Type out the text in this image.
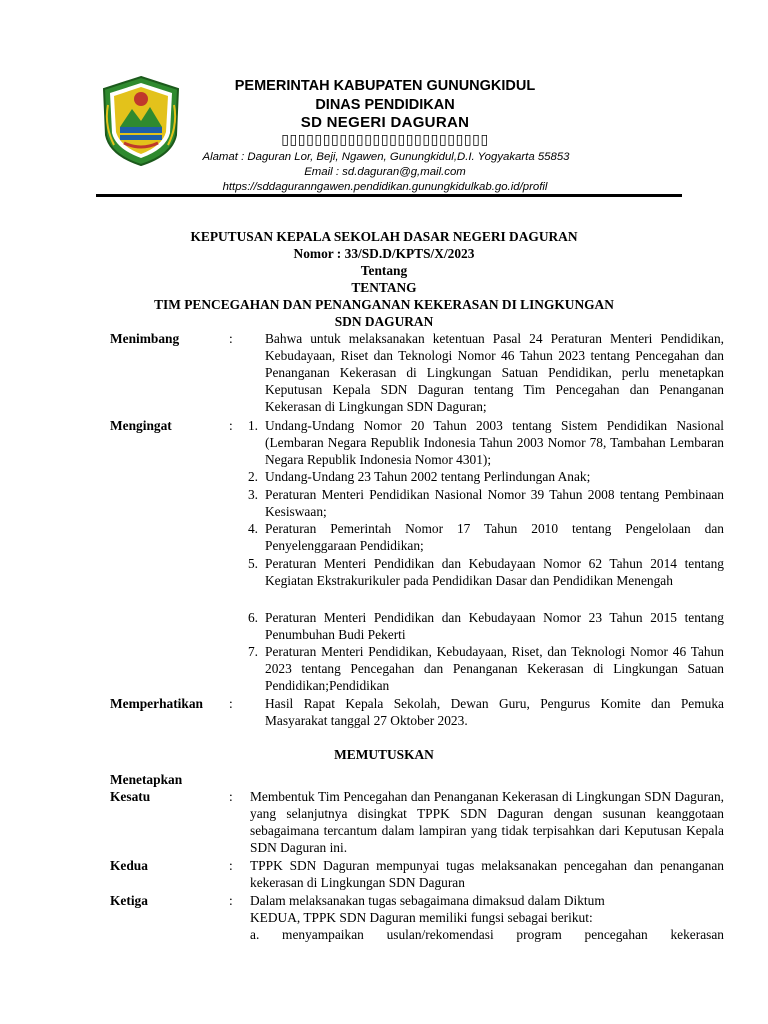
PEMERINTAH KABUPATEN GUNUNGKIDUL
DINAS PENDIDIKAN
SD NEGERI DAGURAN
▯▯▯▯▯▯▯▯▯▯▯▯▯▯▯▯▯▯▯▯▯▯▯▯▯
Alamat : Daguran Lor, Beji, Ngawen, Gunungkidul,D.I. Yogyakarta 55853
Email : sd.daguran@g,mail.com
https://sddaguranngawen.pendidikan.gunungkidulkab.go.id/profil
KEPUTUSAN KEPALA SEKOLAH DASAR NEGERI DAGURAN
Nomor : 33/SD.D/KPTS/X/2023
Tentang
TENTANG
TIM PENCEGAHAN DAN PENANGANAN KEKERASAN DI LINGKUNGAN
SDN DAGURAN
Menimbang	: Bahwa untuk melaksanakan ketentuan Pasal 24 Peraturan Menteri Pendidikan, Kebudayaan, Riset dan Teknologi Nomor 46 Tahun 2023 tentang Pencegahan dan Penanganan Kekerasan di Lingkungan Satuan Pendidikan, perlu menetapkan Keputusan Kepala SDN Daguran tentang Tim Pencegahan dan Penanganan Kekerasan di Lingkungan SDN Daguran;
Mengingat	:	1. Undang-Undang Nomor 20 Tahun 2003 tentang Sistem Pendidikan Nasional (Lembaran Negara Republik Indonesia Tahun 2003 Nomor 78, Tambahan Lembaran Negara Republik Indonesia Nomor 4301);
2. Undang-Undang 23 Tahun 2002 tentang Perlindungan Anak;
3. Peraturan Menteri Pendidikan Nasional Nomor 39 Tahun 2008 tentang Pembinaan Kesiswaan;
4. Peraturan Pemerintah Nomor 17 Tahun 2010 tentang Pengelolaan dan Penyelenggaraan Pendidikan;
5. Peraturan Menteri Pendidikan dan Kebudayaan Nomor 62 Tahun 2014 tentang Kegiatan Ekstrakurikuler pada Pendidikan Dasar dan Pendidikan Menengah
6. Peraturan Menteri Pendidikan dan Kebudayaan Nomor 23 Tahun 2015 tentang Penumbuhan Budi Pekerti
7. Peraturan Menteri Pendidikan, Kebudayaan, Riset, dan Teknologi Nomor 46 Tahun 2023 tentang Pencegahan dan Penanganan Kekerasan di Lingkungan Satuan Pendidikan;Pendidikan
Memperhatikan : Hasil Rapat Kepala Sekolah, Dewan Guru, Pengurus Komite dan Pemuka Masyarakat tanggal 27 Oktober 2023.
MEMUTUSKAN
Menetapkan
Kesatu	: Membentuk Tim Pencegahan dan Penanganan Kekerasan di Lingkungan SDN Daguran, yang selanjutnya disingkat TPPK SDN Daguran dengan susunan keanggotaan sebagaimana tercantum dalam lampiran yang tidak terpisahkan dari Keputusan Kepala SDN Daguran ini.
Kedua	: TPPK SDN Daguran mempunyai tugas melaksanakan pencegahan dan penanganan kekerasan di Lingkungan SDN Daguran
Ketiga	: Dalam melaksanakan tugas sebagaimana dimaksud dalam Diktum
KEDUA, TPPK SDN Daguran memiliki fungsi sebagai berikut:
a. menyampaikan usulan/rekomendasi program pencegahan kekerasan
